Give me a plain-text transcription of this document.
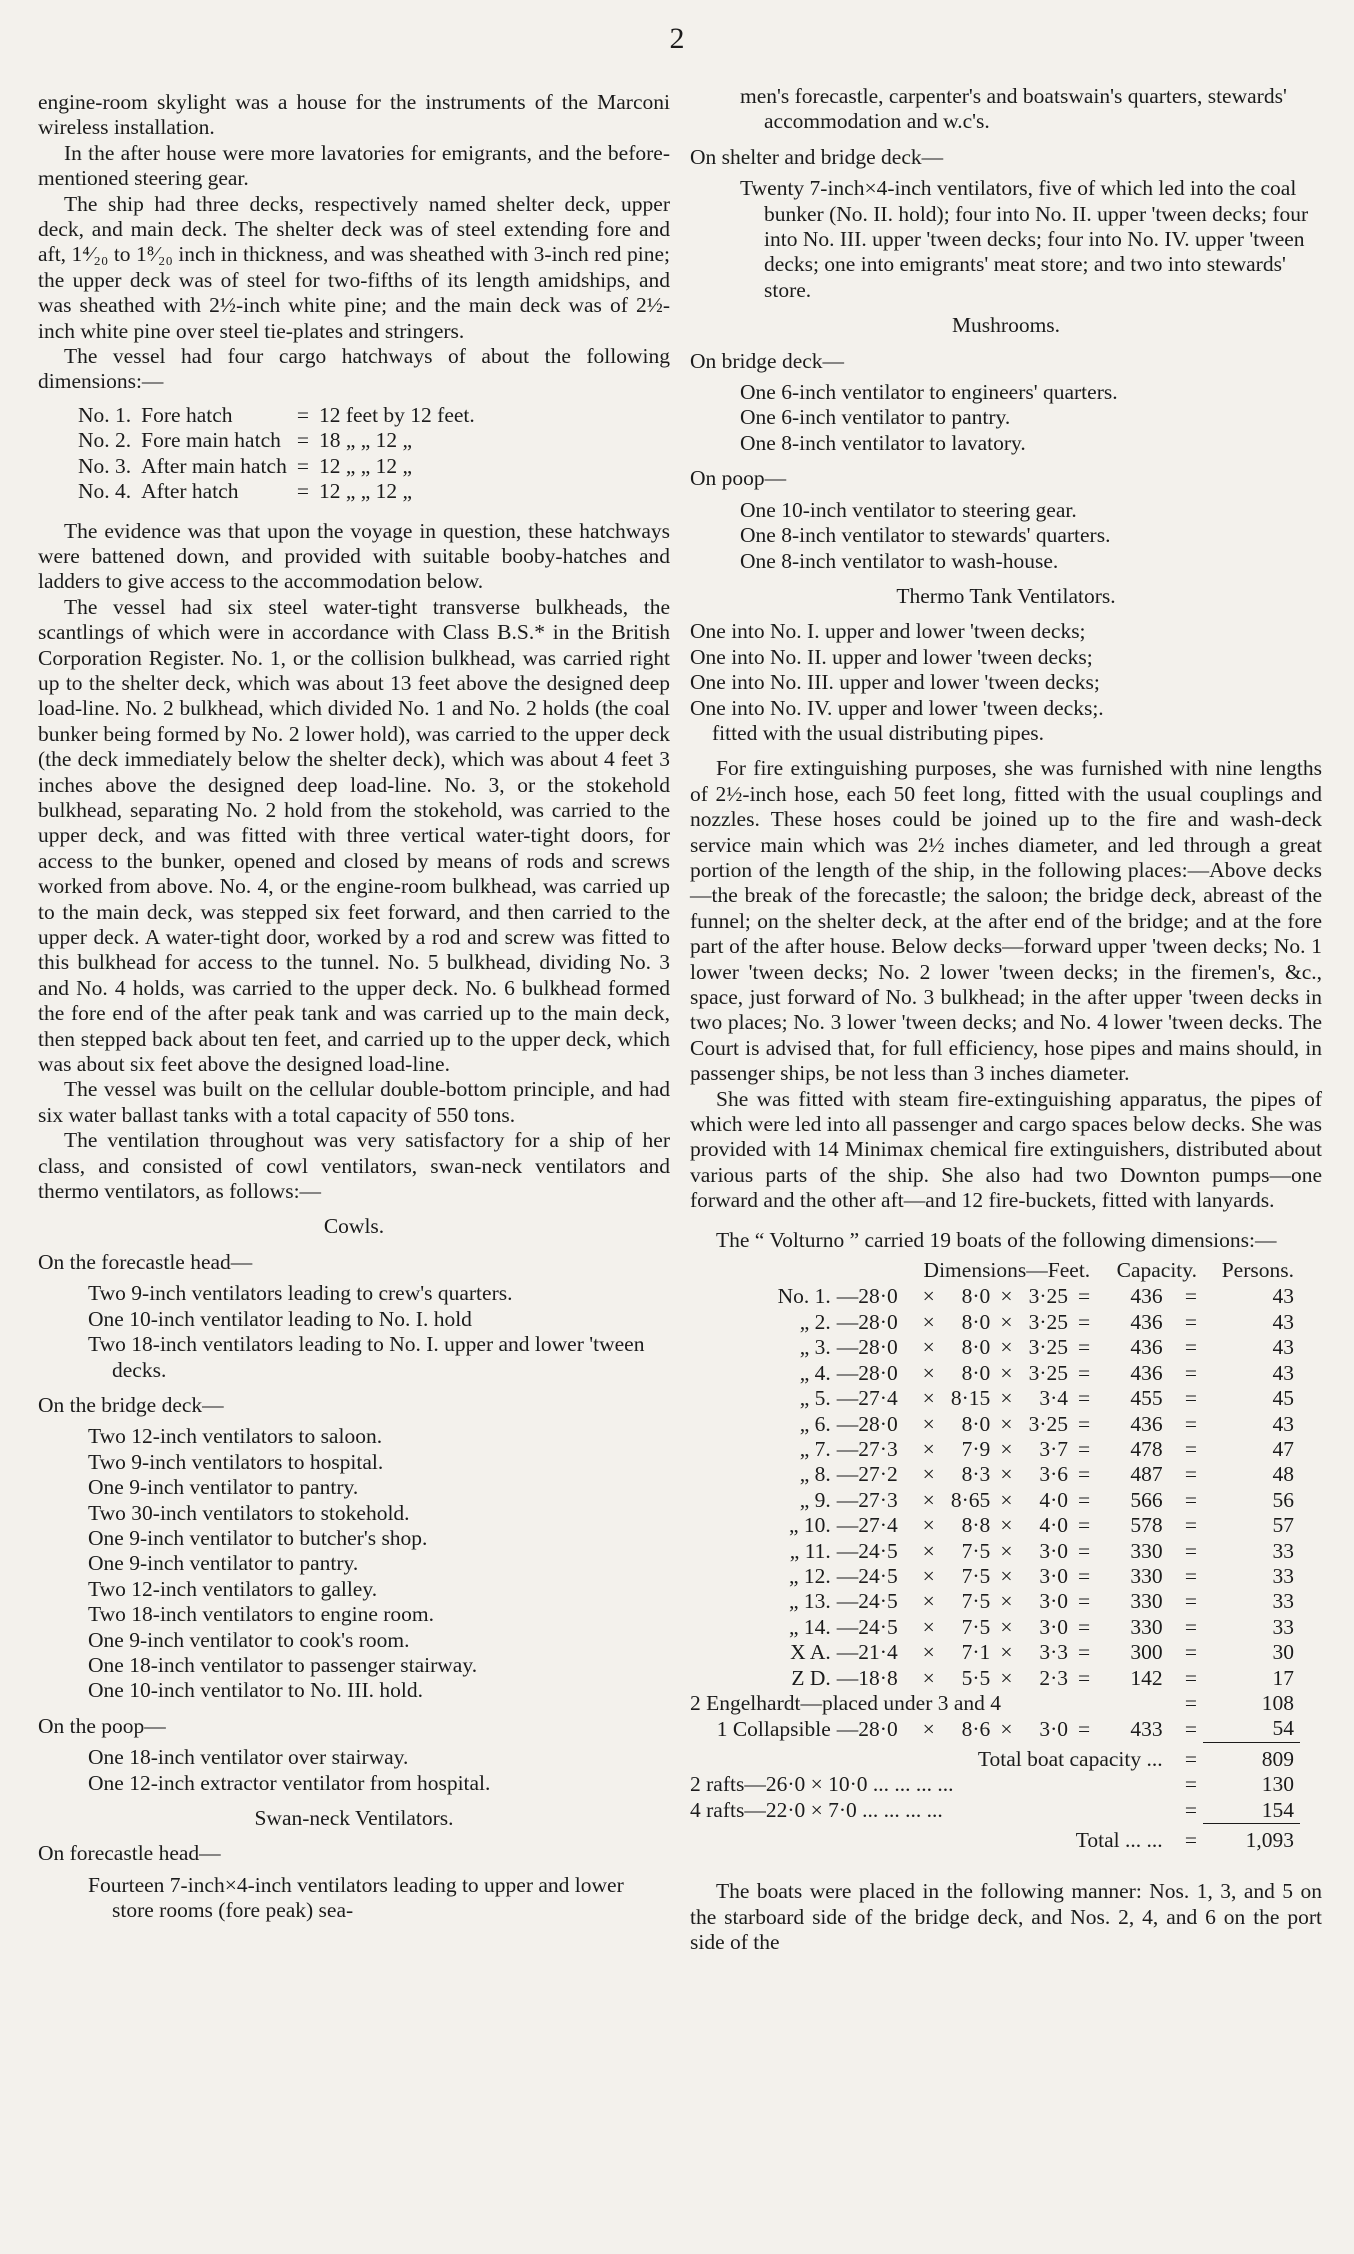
2

engine-room skylight was a house for the instruments of the Marconi wireless installation.

In the after house were more lavatories for emigrants, and the before-mentioned steering gear.

The ship had three decks, respectively named shelter deck, upper deck, and main deck. The shelter deck was of steel extending fore and aft, 1⁴⁄₂₀ to 1⁸⁄₂₀ inch in thickness, and was sheathed with 3-inch red pine; the upper deck was of steel for two-fifths of its length amidships, and was sheathed with 2½-inch white pine; and the main deck was of 2½-inch white pine over steel tie-plates and stringers.

The vessel had four cargo hatchways of about the following dimensions:—

No. 1.	Fore hatch	=	12 feet by 12 feet.
No. 2.	Fore main hatch	=	18 „ „ 12 „
No. 3.	After main hatch	=	12 „ „ 12 „
No. 4.	After hatch	=	12 „ „ 12 „

The evidence was that upon the voyage in question, these hatchways were battened down, and provided with suitable booby-hatches and ladders to give access to the accommodation below.

The vessel had six steel water-tight transverse bulkheads, the scantlings of which were in accordance with Class B.S.* in the British Corporation Register. No. 1, or the collision bulkhead, was carried right up to the shelter deck, which was about 13 feet above the designed deep load-line. No. 2 bulkhead, which divided No. 1 and No. 2 holds (the coal bunker being formed by No. 2 lower hold), was carried to the upper deck (the deck immediately below the shelter deck), which was about 4 feet 3 inches above the designed deep load-line. No. 3, or the stokehold bulkhead, separating No. 2 hold from the stokehold, was carried to the upper deck, and was fitted with three vertical water-tight doors, for access to the bunker, opened and closed by means of rods and screws worked from above. No. 4, or the engine-room bulkhead, was carried up to the main deck, was stepped six feet forward, and then carried to the upper deck. A water-tight door, worked by a rod and screw was fitted to this bulkhead for access to the tunnel. No. 5 bulkhead, dividing No. 3 and No. 4 holds, was carried to the upper deck. No. 6 bulkhead formed the fore end of the after peak tank and was carried up to the main deck, then stepped back about ten feet, and carried up to the upper deck, which was about six feet above the designed load-line.

The vessel was built on the cellular double-bottom principle, and had six water ballast tanks with a total capacity of 550 tons.

The ventilation throughout was very satisfactory for a ship of her class, and consisted of cowl ventilators, swan-neck ventilators and thermo ventilators, as follows:—

Cowls.
On the forecastle head—
Two 9-inch ventilators leading to crew's quarters.
One 10-inch ventilator leading to No. I. hold
Two 18-inch ventilators leading to No. I. upper and lower 'tween decks.
On the bridge deck—
Two 12-inch ventilators to saloon.
Two 9-inch ventilators to hospital.
One 9-inch ventilator to pantry.
Two 30-inch ventilators to stokehold.
One 9-inch ventilator to butcher's shop.
One 9-inch ventilator to pantry.
Two 12-inch ventilators to galley.
Two 18-inch ventilators to engine room.
One 9-inch ventilator to cook's room.
One 18-inch ventilator to passenger stairway.
One 10-inch ventilator to No. III. hold.
On the poop—
One 18-inch ventilator over stairway.
One 12-inch extractor ventilator from hospital.
Swan-neck Ventilators.
On forecastle head—
Fourteen 7-inch×4-inch ventilators leading to upper and lower store rooms (fore peak) sea-
men's forecastle, carpenter's and boatswain's quarters, stewards' accommodation and w.c's.
On shelter and bridge deck—
Twenty 7-inch×4-inch ventilators, five of which led into the coal bunker (No. II. hold); four into No. II. upper 'tween decks; four into No. III. upper 'tween decks; four into No. IV. upper 'tween decks; one into emigrants' meat store; and two into stewards' store.
Mushrooms.
On bridge deck—
One 6-inch ventilator to engineers' quarters.
One 6-inch ventilator to pantry.
One 8-inch ventilator to lavatory.
On poop—
One 10-inch ventilator to steering gear.
One 8-inch ventilator to stewards' quarters.
One 8-inch ventilator to wash-house.
Thermo Tank Ventilators.
One into No. I. upper and lower 'tween decks;
One into No. II. upper and lower 'tween decks;
One into No. III. upper and lower 'tween decks;
One into No. IV. upper and lower 'tween decks;.
fitted with the usual distributing pipes.

For fire extinguishing purposes, she was furnished with nine lengths of 2½-inch hose, each 50 feet long, fitted with the usual couplings and nozzles. These hoses could be joined up to the fire and wash-deck service main which was 2½ inches diameter, and led through a great portion of the length of the ship, in the following places:—Above decks—the break of the forecastle; the saloon; the bridge deck, abreast of the funnel; on the shelter deck, at the after end of the bridge; and at the fore part of the after house. Below decks—forward upper 'tween decks; No. 1 lower 'tween decks; No. 2 lower 'tween decks; in the firemen's, &c., space, just forward of No. 3 bulkhead; in the after upper 'tween decks in two places; No. 3 lower 'tween decks; and No. 4 lower 'tween decks. The Court is advised that, for full efficiency, hose pipes and mains should, in passenger ships, be not less than 3 inches diameter.

She was fitted with steam fire-extinguishing apparatus, the pipes of which were led into all passenger and cargo spaces below decks. She was provided with 14 Minimax chemical fire extinguishers, distributed about various parts of the ship. She also had two Downton pumps—one forward and the other aft—and 12 fire-buckets, fitted with lanyards.

The “ Volturno ” carried 19 boats of the following dimensions:—

	Dimensions—Feet.						Capacity.		Persons.
No. 1.	—28·0	×	8·0	×	3·25	=	436	=	43
„ 2.	—28·0	×	8·0	×	3·25	=	436	=	43
„ 3.	—28·0	×	8·0	×	3·25	=	436	=	43
„ 4.	—28·0	×	8·0	×	3·25	=	436	=	43
„ 5.	—27·4	×	8·15	×	3·4	=	455	=	45
„ 6.	—28·0	×	8·0	×	3·25	=	436	=	43
„ 7.	—27·3	×	7·9	×	3·7	=	478	=	47
„ 8.	—27·2	×	8·3	×	3·6	=	487	=	48
„ 9.	—27·3	×	8·65	×	4·0	=	566	=	56
„ 10.	—27·4	×	8·8	×	4·0	=	578	=	57
„ 11.	—24·5	×	7·5	×	3·0	=	330	=	33
„ 12.	—24·5	×	7·5	×	3·0	=	330	=	33
„ 13.	—24·5	×	7·5	×	3·0	=	330	=	33
„ 14.	—24·5	×	7·5	×	3·0	=	330	=	33
X A.	—21·4	×	7·1	×	3·3	=	300	=	30
Z D.	—18·8	×	5·5	×	2·3	=	142	=	17
2 Engelhardt—placed under 3 and 4								=	108
1 Collapsible	—28·0	×	8·6	×	3·0	=	433	=	54
Total boat capacity ...								=	809
2 rafts—26·0 × 10·0 ... ... ... ...								=	130
4 rafts—22·0 × 7·0 ... ... ... ...								=	154
Total ... ...								=	1,093

The boats were placed in the following manner: Nos. 1, 3, and 5 on the starboard side of the bridge deck, and Nos. 2, 4, and 6 on the port side of the
